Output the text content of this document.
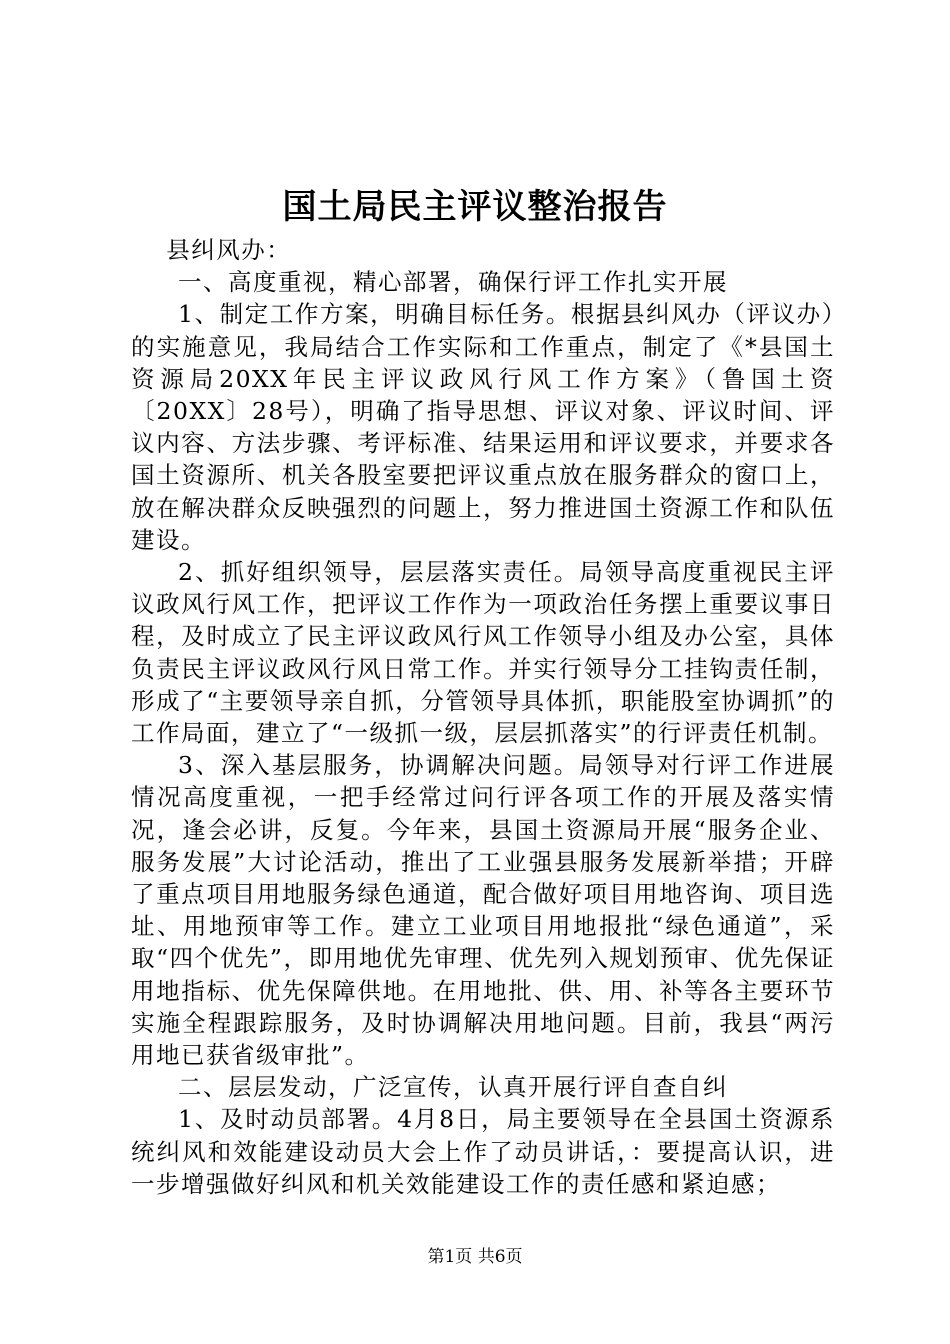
国土局民主评议整治报告

县纠风办：

一、高度重视，精心部署，确保行评工作扎实开展

1、制定工作方案，明确目标任务。根据县纠风办（评议办）的实施意见，我局结合工作实际和工作重点，制定了《*县国土资源局20XX年民主评议政风行风工作方案》（鲁国土资〔20XX〕28号），明确了指导思想、评议对象、评议时间、评议内容、方法步骤、考评标准、结果运用和评议要求，并要求各国土资源所、机关各股室要把评议重点放在服务群众的窗口上，放在解决群众反映强烈的问题上，努力推进国土资源工作和队伍建设。

2、抓好组织领导，层层落实责任。局领导高度重视民主评议政风行风工作，把评议工作作为一项政治任务摆上重要议事日程，及时成立了民主评议政风行风工作领导小组及办公室，具体负责民主评议政风行风日常工作。并实行领导分工挂钩责任制，形成了“主要领导亲自抓，分管领导具体抓，职能股室协调抓”的工作局面，建立了“一级抓一级，层层抓落实”的行评责任机制。

3、深入基层服务，协调解决问题。局领导对行评工作进展情况高度重视，一把手经常过问行评各项工作的开展及落实情况，逢会必讲，反复。今年来，县国土资源局开展“服务企业、服务发展”大讨论活动，推出了工业强县服务发展新举措；开辟了重点项目用地服务绿色通道，配合做好项目用地咨询、项目选址、用地预审等工作。建立工业项目用地报批“绿色通道”，采取“四个优先”，即用地优先审理、优先列入规划预审、优先保证用地指标、优先保障供地。在用地批、供、用、补等各主要环节实施全程跟踪服务，及时协调解决用地问题。目前，我县“两污用地已获省级审批”。

二、层层发动，广泛宣传，认真开展行评自查自纠

1、及时动员部署。4月8日，局主要领导在全县国土资源系统纠风和效能建设动员大会上作了动员讲话，：要提高认识，进一步增强做好纠风和机关效能建设工作的责任感和紧迫感；

第1页 共6页
